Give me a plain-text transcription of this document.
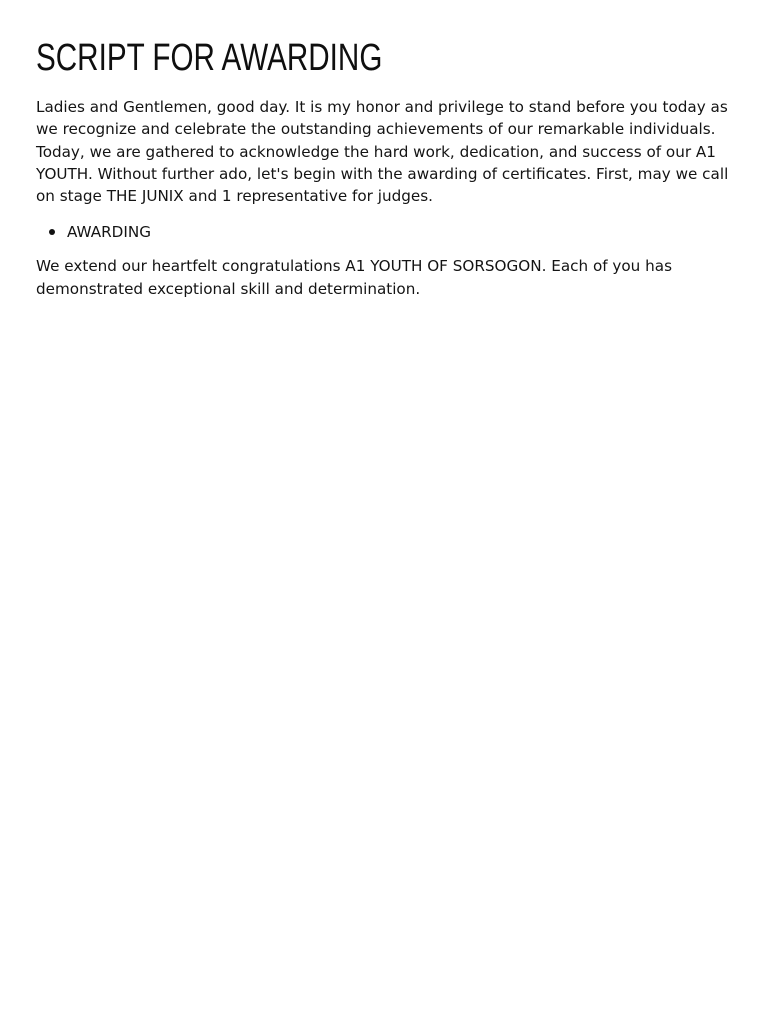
SCRIPT FOR AWARDING

Ladies and Gentlemen, good day. It is my honor and privilege to stand before you today as we recognize and celebrate the outstanding achievements of our remarkable individuals. Today, we are gathered to acknowledge the hard work, dedication, and success of our A1 YOUTH. Without further ado, let's begin with the awarding of certificates. First, may we call on stage THE JUNIX and 1 representative for judges.

AWARDING

We extend our heartfelt congratulations A1 YOUTH OF SORSOGON. Each of you has demonstrated exceptional skill and determination.
